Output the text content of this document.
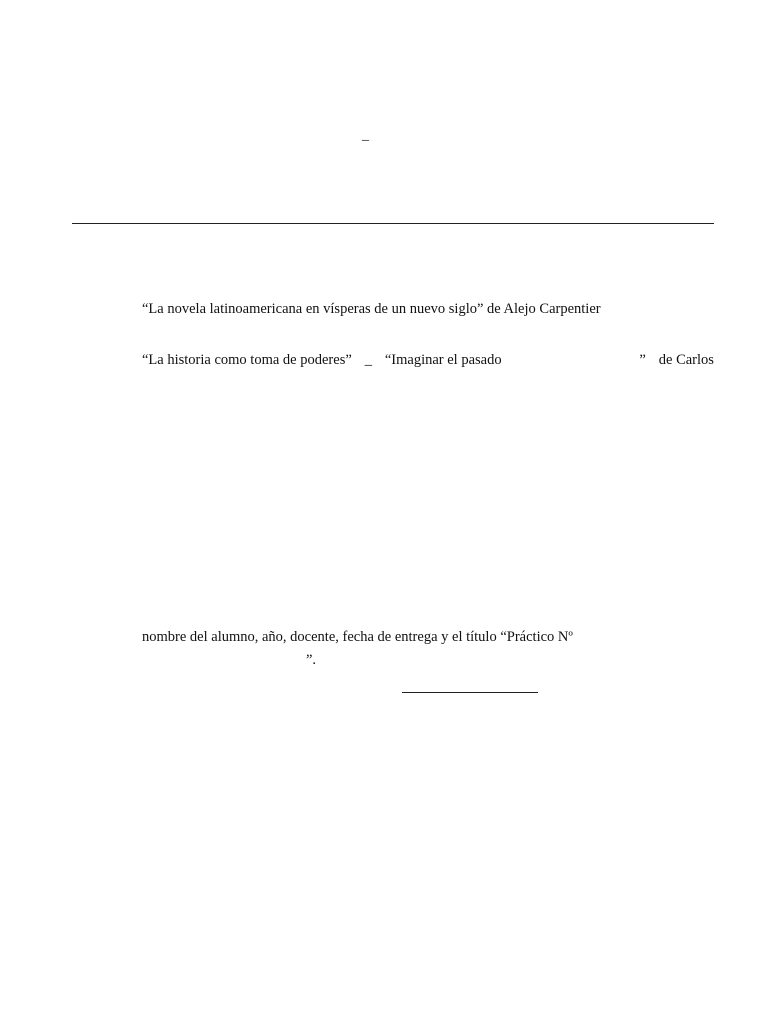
_
“La novela latinoamericana en vísperas de un nuevo siglo” de Alejo Carpentier
“La historia como toma de poderes” _ “Imaginar el pasado	” de Carlos
nombre del alumno, año, docente, fecha de entrega y el título “Práctico Nº
”.
